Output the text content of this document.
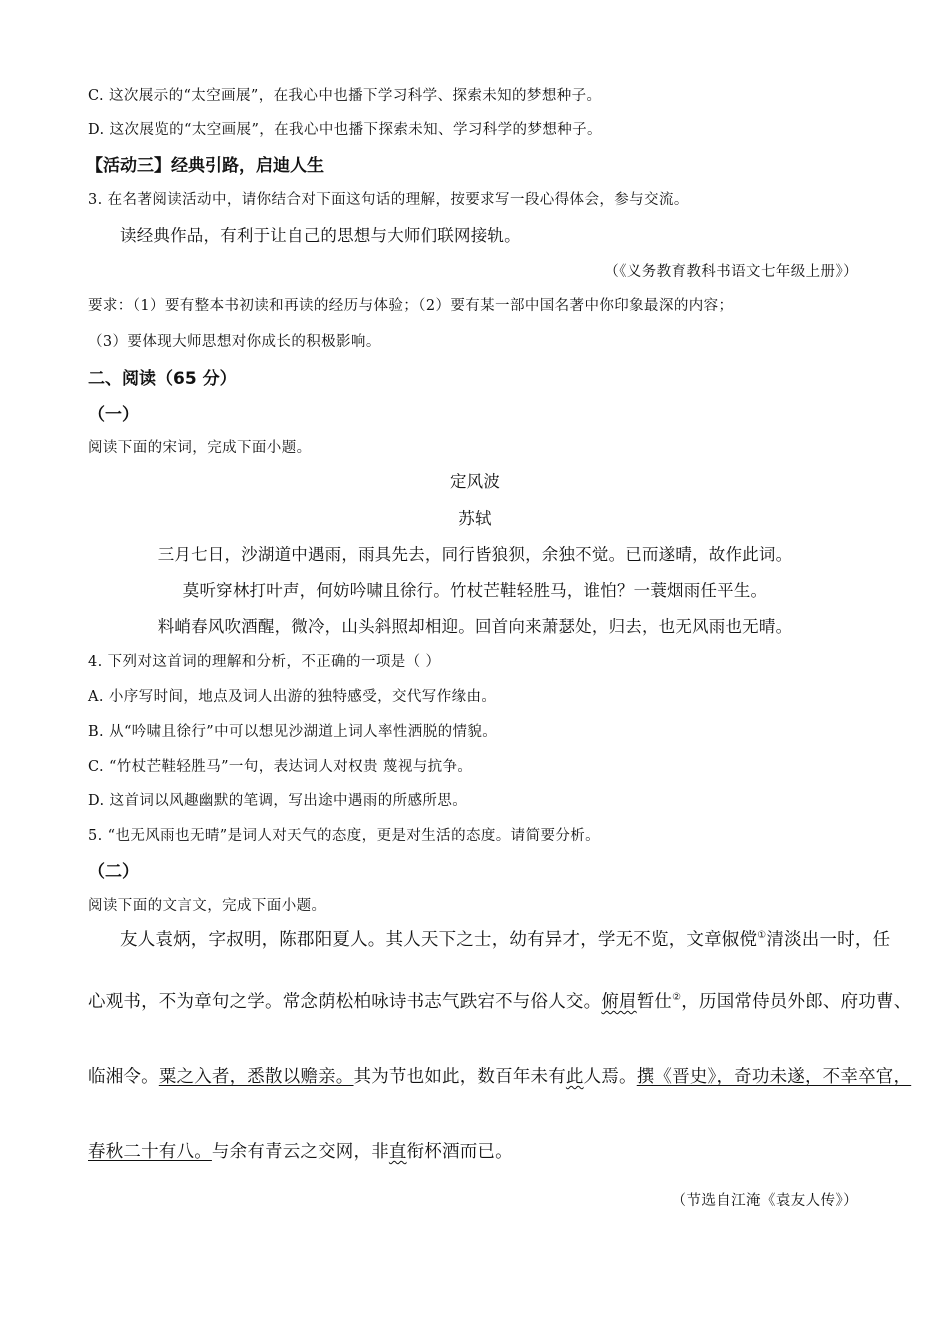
C. 这次展示的“太空画展”，在我心中也播下学习科学、探索未知的梦想种子。
D. 这次展览的“太空画展”，在我心中也播下探索未知、学习科学的梦想种子。
【活动三】经典引路，启迪人生
3. 在名著阅读活动中，请你结合对下面这句话的理解，按要求写一段心得体会，参与交流。
读经典作品，有利于让自己的思想与大师们联网接轨。
（《义务教育教科书语文七年级上册》）
要求：（1）要有整本书初读和再读的经历与体验；（2）要有某一部中国名著中你印象最深的内容；
（3）要体现大师思想对你成长的积极影响。
二、阅读（65 分）
（一）
阅读下面的宋词，完成下面小题。
定风波
苏轼
三月七日，沙湖道中遇雨，雨具先去，同行皆狼狈，余独不觉。已而遂晴，故作此词。
莫听穿林打叶声，何妨吟啸且徐行。竹杖芒鞋轻胜马，谁怕？一蓑烟雨任平生。
料峭春风吹酒醒，微冷，山头斜照却相迎。回首向来萧瑟处，归去，也无风雨也无晴。
4. 下列对这首词的理解和分析，不正确的一项是（ ）
A. 小序写时间，地点及词人出游的独特感受，交代写作缘由。
B. 从“吟啸且徐行”中可以想见沙湖道上词人率性洒脱的情貌。
C. “竹杖芒鞋轻胜马”一句，表达词人对权贵 蔑视与抗争。
D. 这首词以风趣幽默的笔调，写出途中遇雨的所感所思。
5. “也无风雨也无晴”是词人对天气的态度，更是对生活的态度。请简要分析。
（二）
阅读下面的文言文，完成下面小题。
友人袁炳，字叔明，陈郡阳夏人。其人天下之士，幼有异才，学无不览，文章俶傥①清淡出一时，任
心观书，不为章句之学。常念荫松柏咏诗书志气跌宕不与俗人交。俯眉暂仕②，历国常侍员外郎、府功曹、
临湘令。粟之入者，悉散以赡亲。其为节也如此，数百年未有此人焉。撰《晋史》，奇功未遂，不幸卒官，
春秋二十有八。与余有青云之交网，非直衔杯酒而已。
（节选自江淹《袁友人传》）
